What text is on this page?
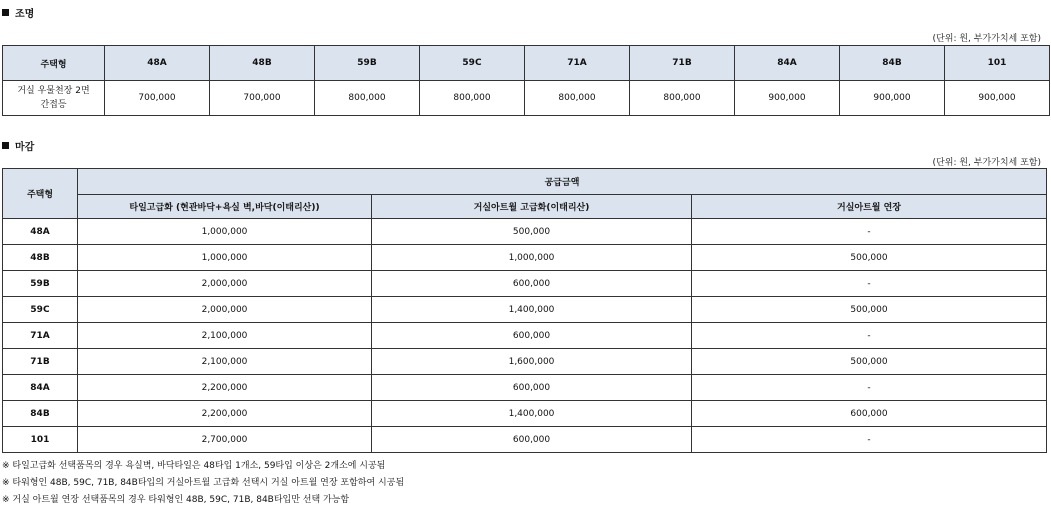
조명
(단위: 원, 부가가치세 포함)
주택형	48A	48B	59B	59C	71A	71B	84A	84B	101

거실 우물천장 2면
간접등	700,000	700,000	800,000	800,000	800,000	800,000	900,000	900,000	900,000
마감
(단위: 원, 부가가치세 포함)
주택형	공급금액		
	타일고급화 (현관바닥+욕실 벽,바닥(이태리산))	거실아트월 고급화(이태리산)	거실아트월 연장
48A	1,000,000	500,000	-
48B	1,000,000	1,000,000	500,000
59B	2,000,000	600,000	-
59C	2,000,000	1,400,000	500,000
71A	2,100,000	600,000	-
71B	2,100,000	1,600,000	500,000
84A	2,200,000	600,000	-
84B	2,200,000	1,400,000	600,000
101	2,700,000	600,000	-
※ 타일고급화 선택품목의 경우 욕실벽, 바닥타일은 48타입 1개소, 59타입 이상은 2개소에 시공됨
※ 타워형인 48B, 59C, 71B, 84B타입의 거실아트월 고급화 선택시 거실 아트월 연장 포함하여 시공됨
※ 거실 아트월 연장 선택품목의 경우 타워형인 48B, 59C, 71B, 84B타입만 선택 가능함
